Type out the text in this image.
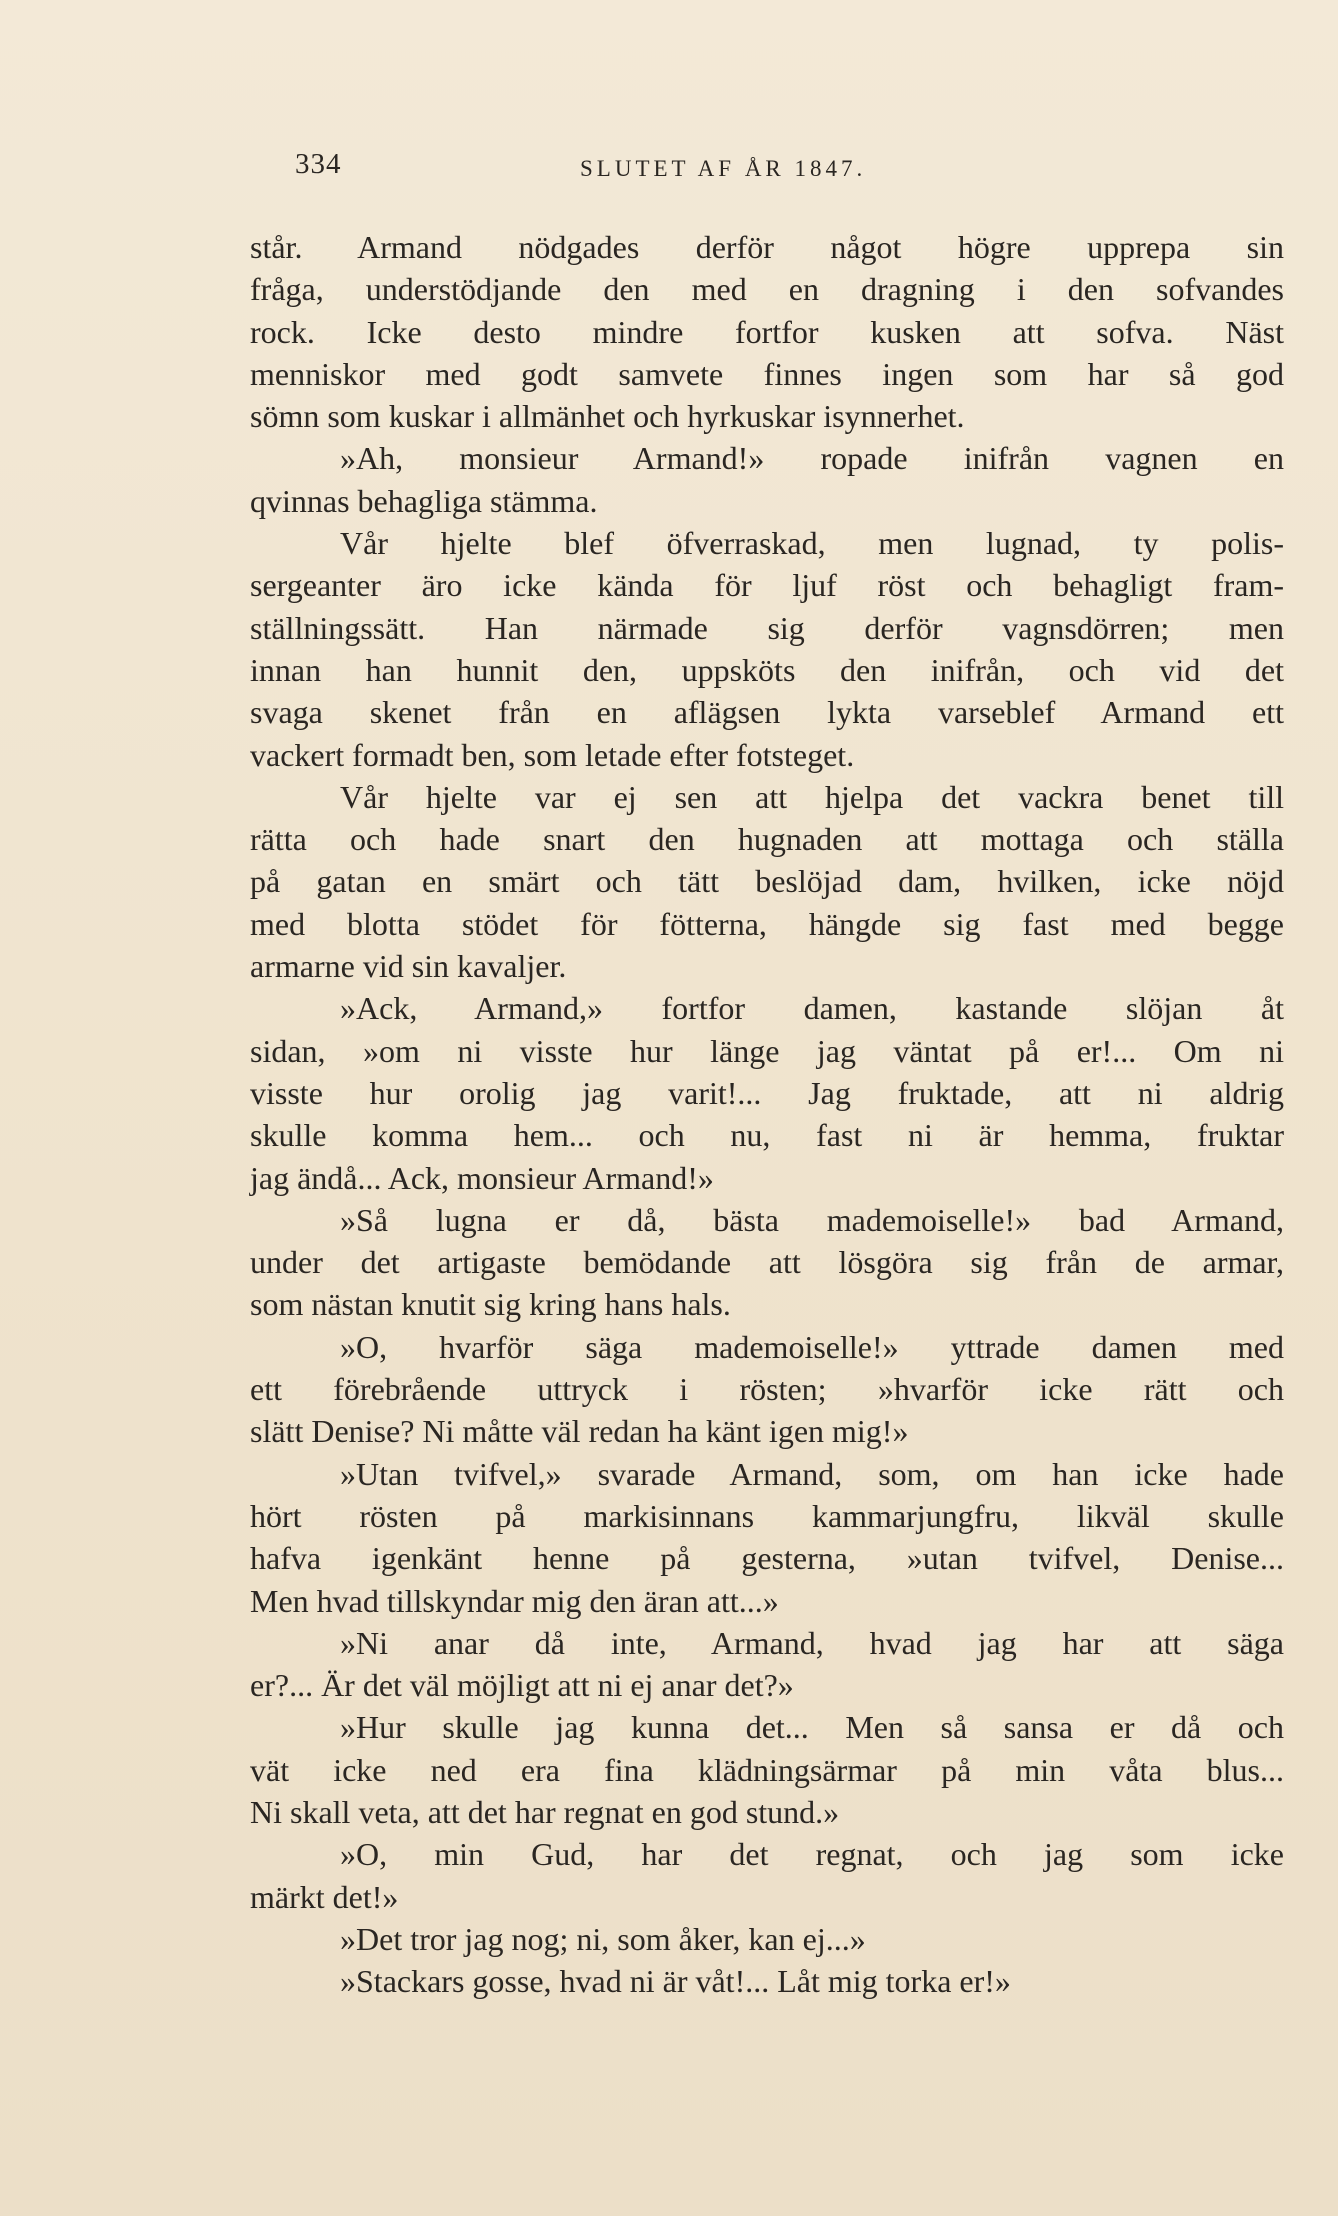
334	SLUTET AF ÅR 1847.
står. Armand nödgades derför något högre upprepa sin
fråga, understödjande den med en dragning i den sofvandes
rock. Icke desto mindre fortfor kusken att sofva. Näst
menniskor med godt samvete finnes ingen som har så god
sömn som kuskar i allmänhet och hyrkuskar isynnerhet.
»Ah, monsieur Armand!» ropade inifrån vagnen en
qvinnas behagliga stämma.
Vår hjelte blef öfverraskad, men lugnad, ty polis-
sergeanter äro icke kända för ljuf röst och behagligt fram-
ställningssätt. Han närmade sig derför vagnsdörren; men
innan han hunnit den, uppsköts den inifrån, och vid det
svaga skenet från en aflägsen lykta varseblef Armand ett
vackert formadt ben, som letade efter fotsteget.
Vår hjelte var ej sen att hjelpa det vackra benet till
rätta och hade snart den hugnaden att mottaga och ställa
på gatan en smärt och tätt beslöjad dam, hvilken, icke nöjd
med blotta stödet för fötterna, hängde sig fast med begge
armarne vid sin kavaljer.
»Ack, Armand,» fortfor damen, kastande slöjan åt
sidan, »om ni visste hur länge jag väntat på er!... Om ni
visste hur orolig jag varit!... Jag fruktade, att ni aldrig
skulle komma hem... och nu, fast ni är hemma, fruktar
jag ändå... Ack, monsieur Armand!»
»Så lugna er då, bästa mademoiselle!» bad Armand,
under det artigaste bemödande att lösgöra sig från de armar,
som nästan knutit sig kring hans hals.
»O, hvarför säga mademoiselle!» yttrade damen med
ett förebrående uttryck i rösten; »hvarför icke rätt och
slätt Denise? Ni måtte väl redan ha känt igen mig!»
»Utan tvifvel,» svarade Armand, som, om han icke hade
hört rösten på markisinnans kammarjungfru, likväl skulle
hafva igenkänt henne på gesterna, »utan tvifvel, Denise...
Men hvad tillskyndar mig den äran att...»
»Ni anar då inte, Armand, hvad jag har att säga
er?... Är det väl möjligt att ni ej anar det?»
»Hur skulle jag kunna det... Men så sansa er då och
vät icke ned era fina klädningsärmar på min våta blus...
Ni skall veta, att det har regnat en god stund.»
»O, min Gud, har det regnat, och jag som icke
märkt det!»
»Det tror jag nog; ni, som åker, kan ej...»
»Stackars gosse, hvad ni är våt!... Låt mig torka er!»
